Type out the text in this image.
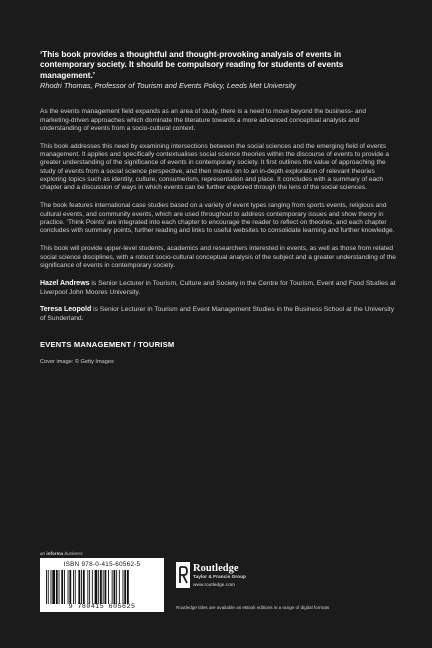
‘This book provides a thoughtful and thought-provoking analysis of events in contemporary society. It should be compulsory reading for students of events management.’

Rhodri Thomas, Professor of Tourism and Events Policy, Leeds Met University

As the events management field expands as an area of study, there is a need to move beyond the business- and marketing-driven approaches which dominate the literature towards a more advanced conceptual analysis and understanding of events from a socio-cultural context.

This book addresses this need by examining intersections between the social sciences and the emerging field of events management. It applies and specifically contextualises social science theories within the discourse of events to provide a greater understanding of the significance of events in contemporary society. It first outlines the value of approaching the study of events from a social science perspective, and then moves on to an in-depth exploration of relevant theories exploring topics such as identity, culture, consumerism, representation and place. It concludes with a summary of each chapter and a discussion of ways in which events can be further explored through the lens of the social sciences.

The book features international case studies based on a variety of event types ranging from sports events, religious and cultural events, and community events, which are used throughout to address contemporary issues and show theory in practice. ‘Think Points’ are integrated into each chapter to encourage the reader to reflect on theories, and each chapter concludes with summary points, further reading and links to useful websites to consolidate learning and further knowledge.

This book will provide upper-level students, academics and researchers interested in events, as well as those from related social science disciplines, with a robust socio-cultural conceptual analysis of the subject and a greater understanding of the significance of events in contemporary society.

Hazel Andrews is Senior Lecturer in Tourism, Culture and Society in the Centre for Tourism, Event and Food Studies at Liverpool John Moores University.

Teresa Leopold is Senior Lecturer in Tourism and Event Management Studies in the Business School at the University of Sunderland.

EVENTS MANAGEMENT / TOURISM

Cover image: © Getty Images

an informa business

ISBN 978-0-415-60562-5

9 780415 605625

Routledge

Taylor & Francis Group

www.routledge.com

Routledge titles are available as eBook editions in a range of digital formats
